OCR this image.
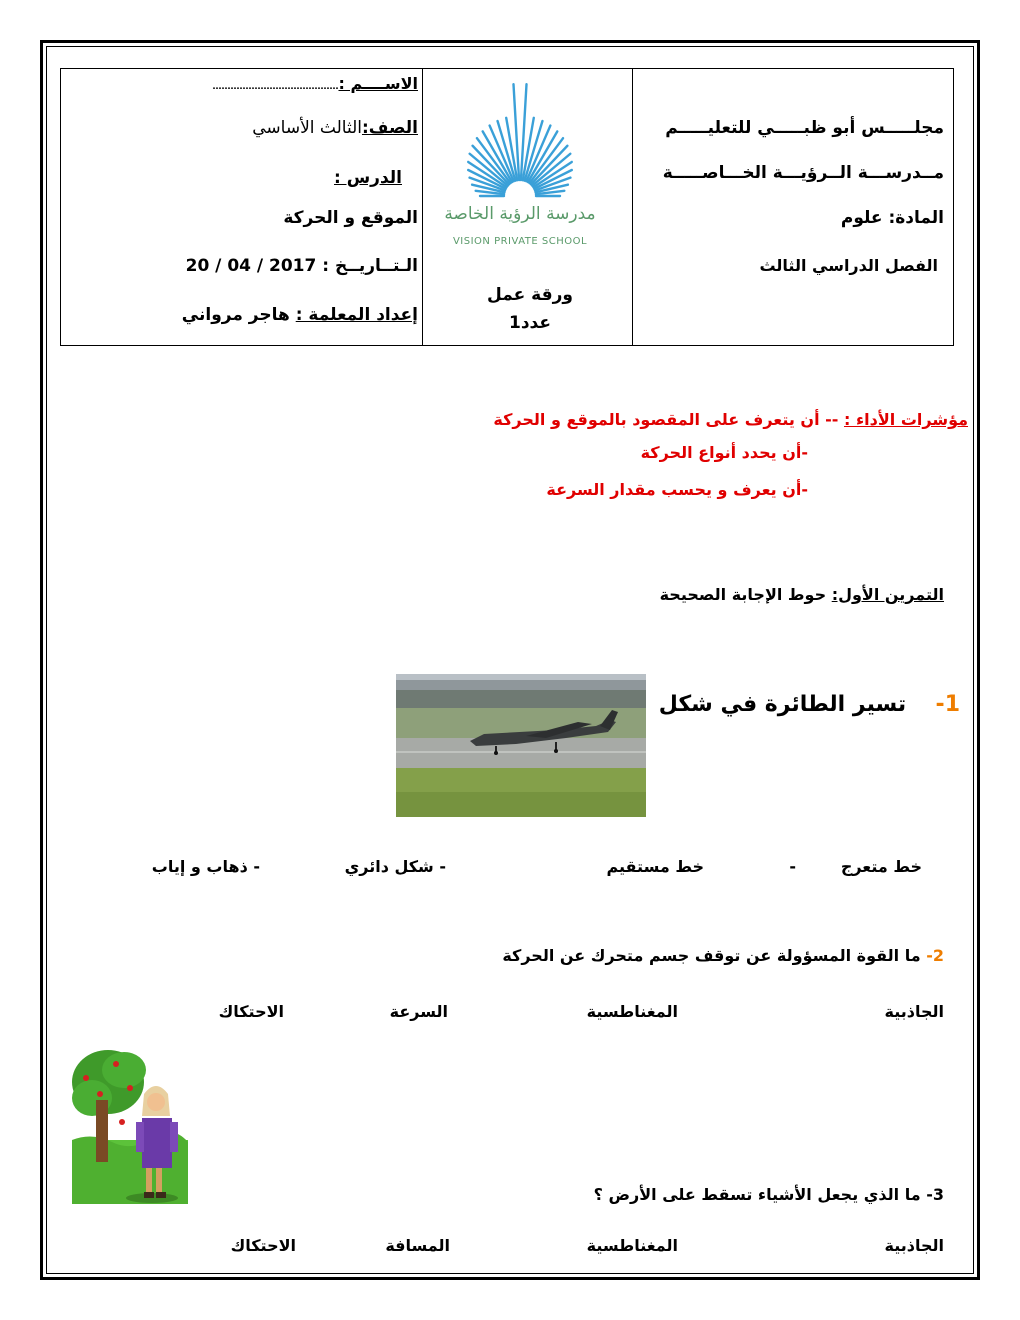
مجلـــــس أبو ظبـــــي للتعليـــــم
مــدرســـة الــرؤيـــة الخـــاصـــــة
المادة: علوم
الفصل الدراسي الثالث
مدرسة الرؤية الخاصة
VISION PRIVATE SCHOOL
ورقة عمل
عدد1
الاســــم :……………………………………
الصف:الثالث الأساسي
الدرس :
الموقع و الحركة
الـتــاريــخ : 20 / 04 / 2017
إعداد المعلمة : هاجر مرواني
مؤشرات الأداء : -- أن يتعرف على المقصود بالموقع و الحركة
-أن يحدد أنواع الحركة
-أن يعرف و يحسب مقدار السرعة
التمرين الأول: حوط الإجابة الصحيحة
1-  تسير الطائرة في شكل
خط متعرج
-
خط مستقيم
- شكل دائري
- ذهاب و إياب
2- ما القوة المسؤولة عن توقف جسم متحرك عن الحركة
الجاذبية
المغناطسية
السرعة
الاحتكاك
3- ما الذي يجعل الأشياء تسقط على الأرض ؟
الجاذبية
المغناطسية
المسافة
الاحتكاك
